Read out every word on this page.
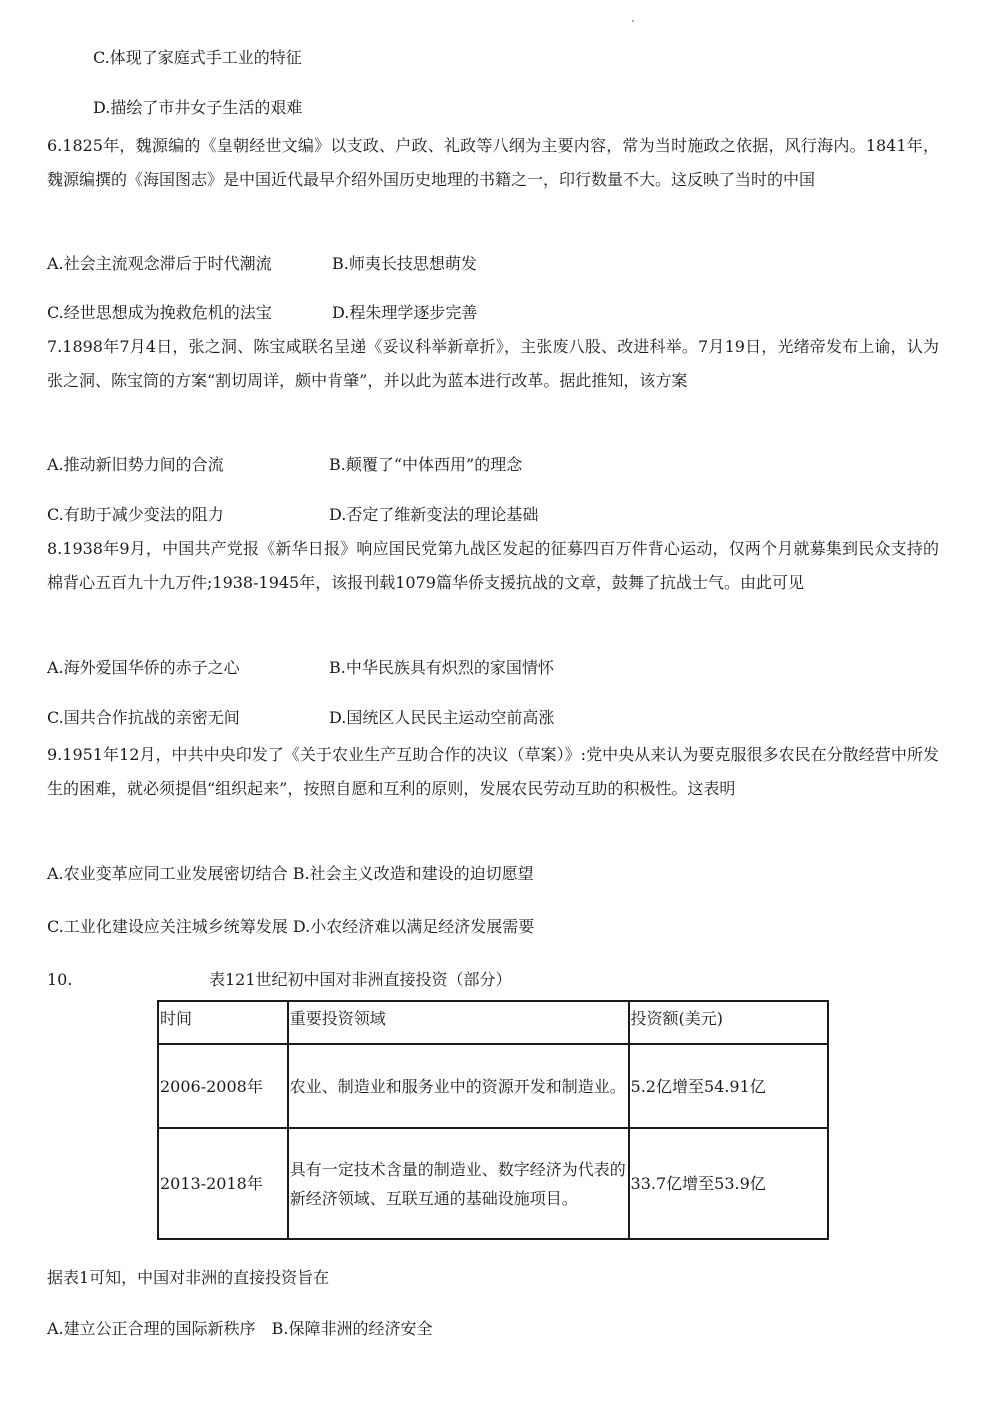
C.体现了家庭式手工业的特征
D.描绘了市井女子生活的艰难
6.1825年，魏源编的《皇朝经世文编》以支政、户政、礼政等八纲为主要内容，常为当时施政之依据，风行海内。1841年，魏源编撰的《海国图志》是中国近代最早介绍外国历史地理的书籍之一，印行数量不大。这反映了当时的中国
A.社会主流观念滞后于时代潮流	B.师夷长技思想萌发
C.经世思想成为挽救危机的法宝	D.程朱理学逐步完善
7.1898年7月4日，张之洞、陈宝咸联名呈递《妥议科举新章折》，主张废八股、改进科举。7月19日，光绪帝发布上谕，认为张之洞、陈宝筒的方案“割切周详，颇中肯肇”，并以此为蓝本进行改革。据此推知，该方案
A.推动新旧势力间的合流	B.颠覆了“中体西用”的理念
C.有助于减少变法的阻力	D.否定了维新变法的理论基础
8.1938年9月，中国共产党报《新华日报》响应国民党第九战区发起的征募四百万件背心运动，仅两个月就募集到民众支持的棉背心五百九十九万件;1938-1945年，该报刊载1079篇华侨支援抗战的文章，鼓舞了抗战士气。由此可见
A.海外爱国华侨的赤子之心	B.中华民族具有炽烈的家国情怀
C.国共合作抗战的亲密无间	D.国统区人民民主运动空前高涨
9.1951年12月，中共中央印发了《关于农业生产互助合作的决议（草案）》:党中央从来认为要克服很多农民在分散经营中所发生的困难，就必须提倡“组织起来”，按照自愿和互利的原则，发展农民劳动互助的积极性。这表明
A.农业变革应同工业发展密切结合 B.社会主义改造和建设的迫切愿望
C.工业化建设应关注城乡统筹发展 D.小农经济难以满足经济发展需要
10.	表121世纪初中国对非洲直接投资（部分）
时间	重要投资领域	投资额(美元)
2006-2008年	农业、制造业和服务业中的资源开发和制造业。	5.2亿增至54.91亿
2013-2018年	具有一定技术含量的制造业、数字经济为代表的新经济领域、互联互通的基础设施项目。	33.7亿增至53.9亿
据表1可知，中国对非洲的直接投资旨在
A.建立公正合理的国际新秩序　B.保障非洲的经济安全
